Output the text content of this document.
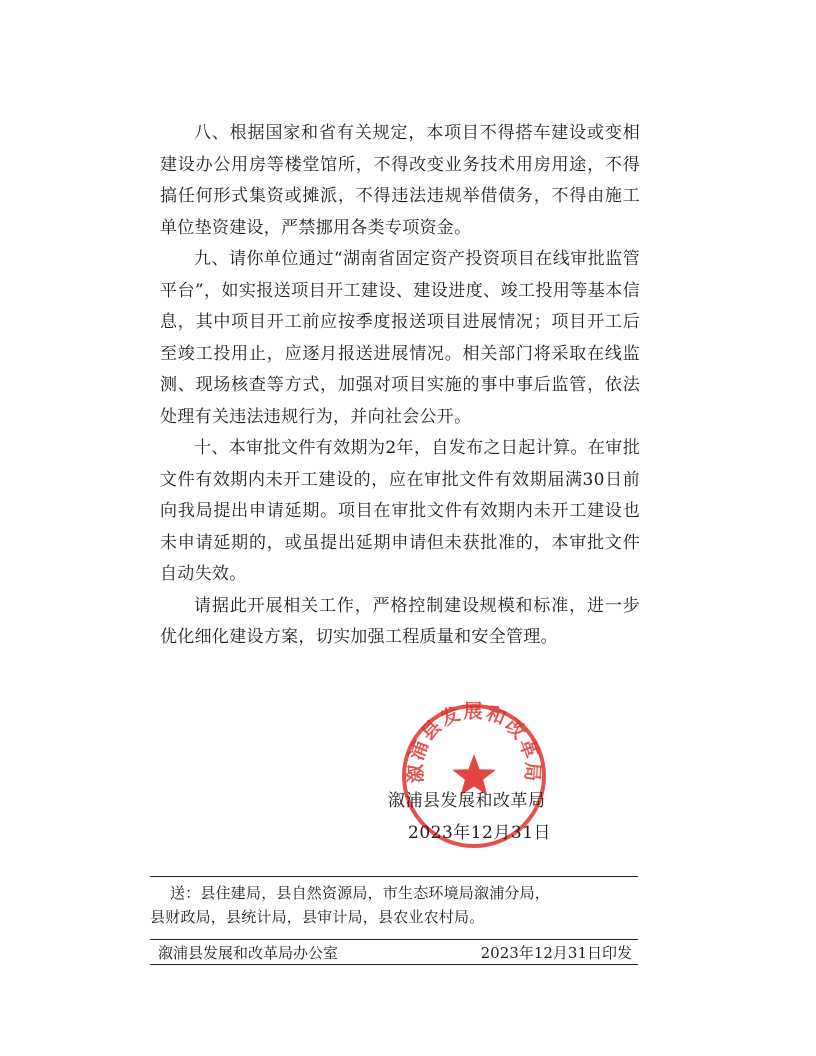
八、根据国家和省有关规定，本项目不得搭车建设或变相建设办公用房等楼堂馆所，不得改变业务技术用房用途，不得搞任何形式集资或摊派，不得违法违规举借债务，不得由施工单位垫资建设，严禁挪用各类专项资金。

九、请你单位通过“湖南省固定资产投资项目在线审批监管平台”，如实报送项目开工建设、建设进度、竣工投用等基本信息，其中项目开工前应按季度报送项目进展情况；项目开工后至竣工投用止，应逐月报送进展情况。相关部门将采取在线监测、现场核查等方式，加强对项目实施的事中事后监管，依法处理有关违法违规行为，并向社会公开。

十、本审批文件有效期为2年，自发布之日起计算。在审批文件有效期内未开工建设的，应在审批文件有效期届满30日前向我局提出申请延期。项目在审批文件有效期内未开工建设也未申请延期的，或虽提出延期申请但未获批准的，本审批文件自动失效。

请据此开展相关工作，严格控制建设规模和标准，进一步优化细化建设方案，切实加强工程质量和安全管理。

溆浦县发展和改革局
溆浦县发展和改革局
2023年12月31日
送：县住建局，县自然资源局，市生态环境局溆浦分局，
县财政局，县统计局，县审计局，县农业农村局。
溆浦县发展和改革局办公室	2023年12月31日印发
